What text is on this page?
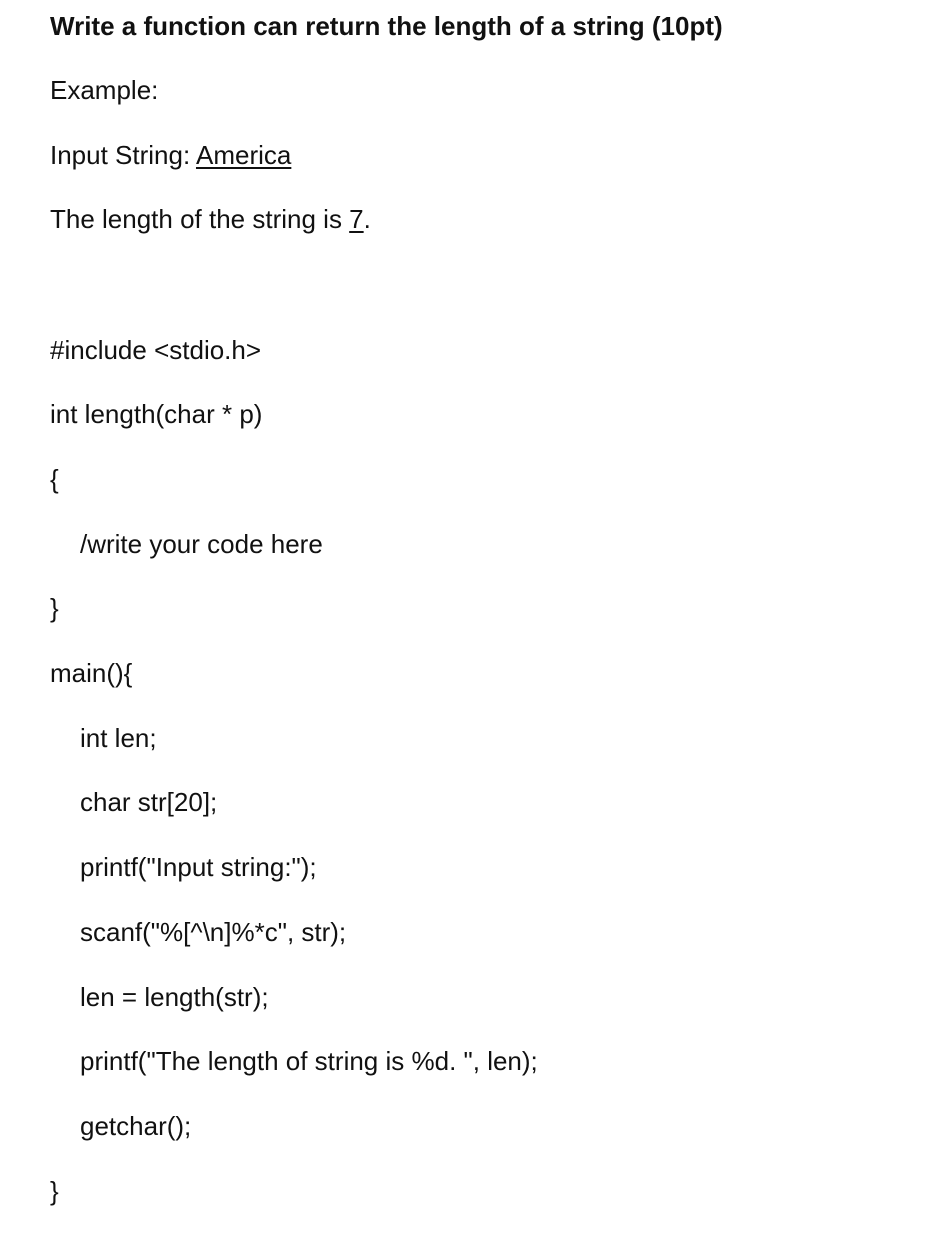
Write a function can return the length of a string (10pt)

Example:

Input String: America

The length of the string is 7.

#include <stdio.h>

int length(char * p)

{

/write your code here

}

main(){

int len;

char str[20];

printf("Input string:");

scanf("%[^\n]%*c", str);

len = length(str);

printf("The length of string is %d. ", len);

getchar();

}
